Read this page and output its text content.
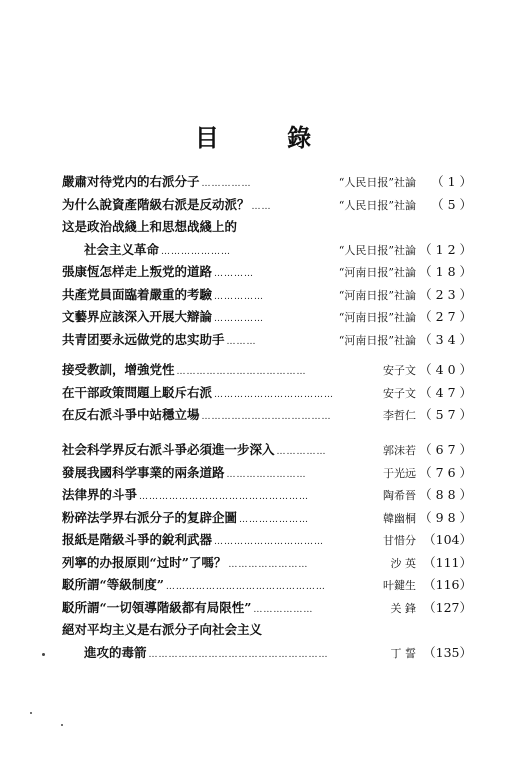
目 錄
嚴肅对待党内的右派分子 ……………	“人民日报”社論	（ 1 ）
为什么說資產階級右派是反动派？ ……	“人民日报”社論	（ 5 ）
这是政治战綫上和思想战綫上的
社会主义革命 …………………	“人民日报”社論 （ 1 2 ）
張康恆怎样走上叛党的道路 …………	“河南日报”社論 （ 1 8 ）
共產党員面臨着嚴重的考驗 ……………	“河南日报”社論 （ 2 3 ）
文藝界应該深入开展大辯論 ……………	“河南日报”社論 （ 2 7 ）
共青团要永远做党的忠实助手 ………	“河南日报”社論 （ 3 4 ）
接受教訓，增強党性 …………………………………	安子文 （ 4 0 ）
在干部政策問題上駁斥右派 ………………………………	安子文 （ 4 7 ）
在反右派斗爭中站穩立場 …………………………………	李哲仁 （ 5 7 ）
社会科学界反右派斗爭必須進一步深入 ……………	郭沫若 （ 6 7 ）
發展我國科学事業的兩条道路 ……………………	于光远 （ 7 6 ）
法律界的斗爭 ……………………………………………	陶希晉 （ 8 8 ）
粉碎法学界右派分子的复辟企圖 …………………	韓幽桐 （ 9 8 ）
报紙是階級斗爭的銳利武器 ……………………………	甘惜分 （104）
列寧的办报原則“过时”了嗎？ ……………………	沙 英 （111）
駁所謂“等級制度” …………………………………………	叶鍵生 （116）
駁所謂“一切領導階級都有局限性” ………………	关 鋒 （127）
絕对平均主义是右派分子向社会主义
進攻的毒箭 ………………………………………………	丁 誓 （135）
